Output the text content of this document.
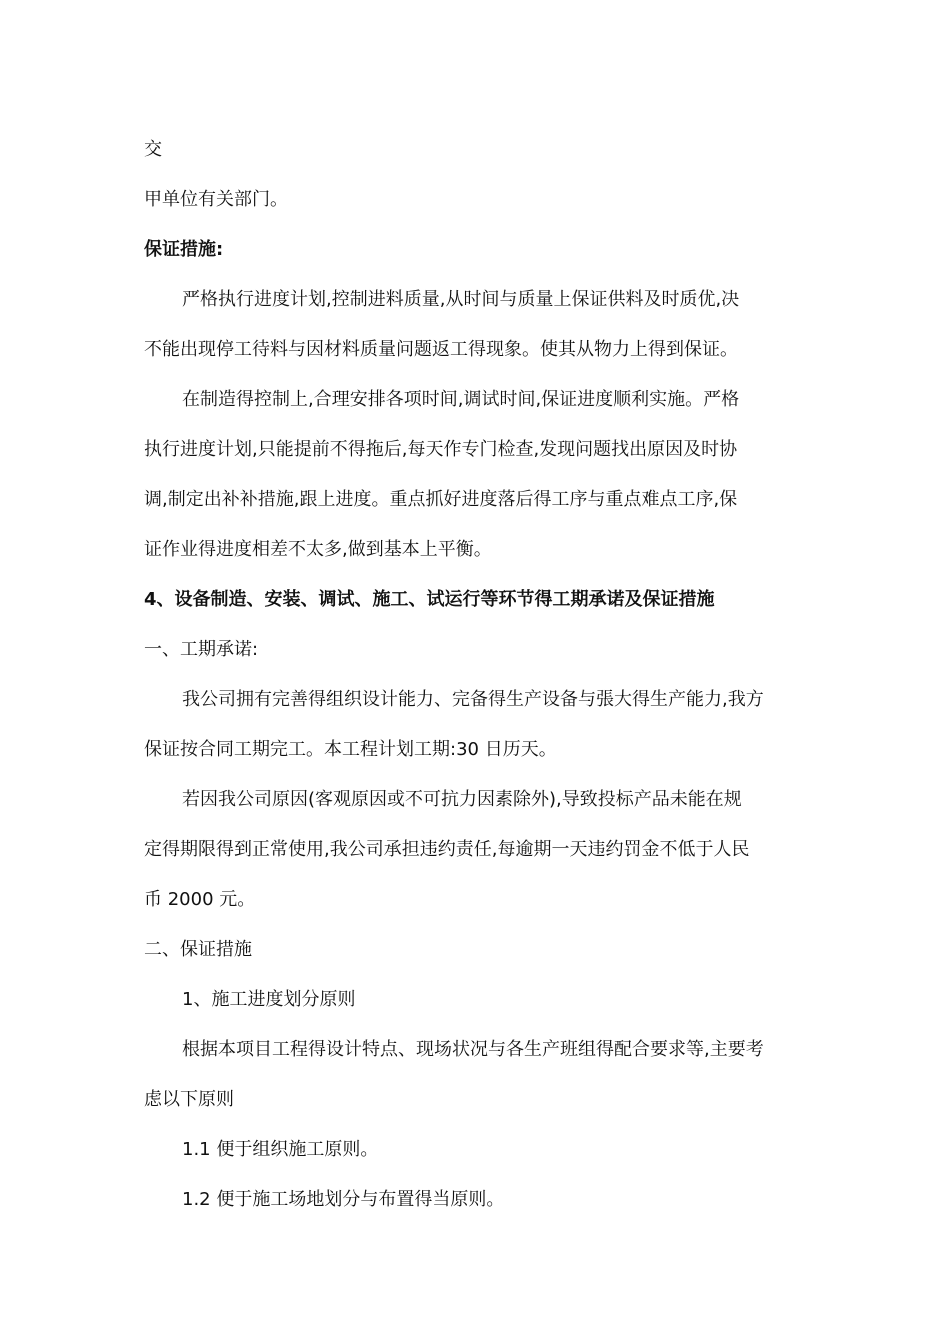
交
甲单位有关部门。
保证措施:
严格执行进度计划,控制进料质量,从时间与质量上保证供料及时质优,决
不能出现停工待料与因材料质量问题返工得现象。使其从物力上得到保证。
在制造得控制上,合理安排各项时间,调试时间,保证进度顺利实施。严格
执行进度计划,只能提前不得拖后,每天作专门检查,发现问题找出原因及时协
调,制定出补补措施,跟上进度。重点抓好进度落后得工序与重点难点工序,保
证作业得进度相差不太多,做到基本上平衡。
4、设备制造、安装、调试、施工、试运行等环节得工期承诺及保证措施
一、工期承诺:
我公司拥有完善得组织设计能力、完备得生产设备与張大得生产能力,我方
保证按合同工期完工。本工程计划工期:30 日历天。
若因我公司原因(客观原因或不可抗力因素除外),导致投标产品未能在规
定得期限得到正常使用,我公司承担违约责任,每逾期一天违约罚金不低于人民
币 2000 元。
二、保证措施
1、施工进度划分原则
根据本项目工程得设计特点、现场状况与各生产班组得配合要求等,主要考
虑以下原则
1.1 便于组织施工原则。
1.2 便于施工场地划分与布置得当原则。
